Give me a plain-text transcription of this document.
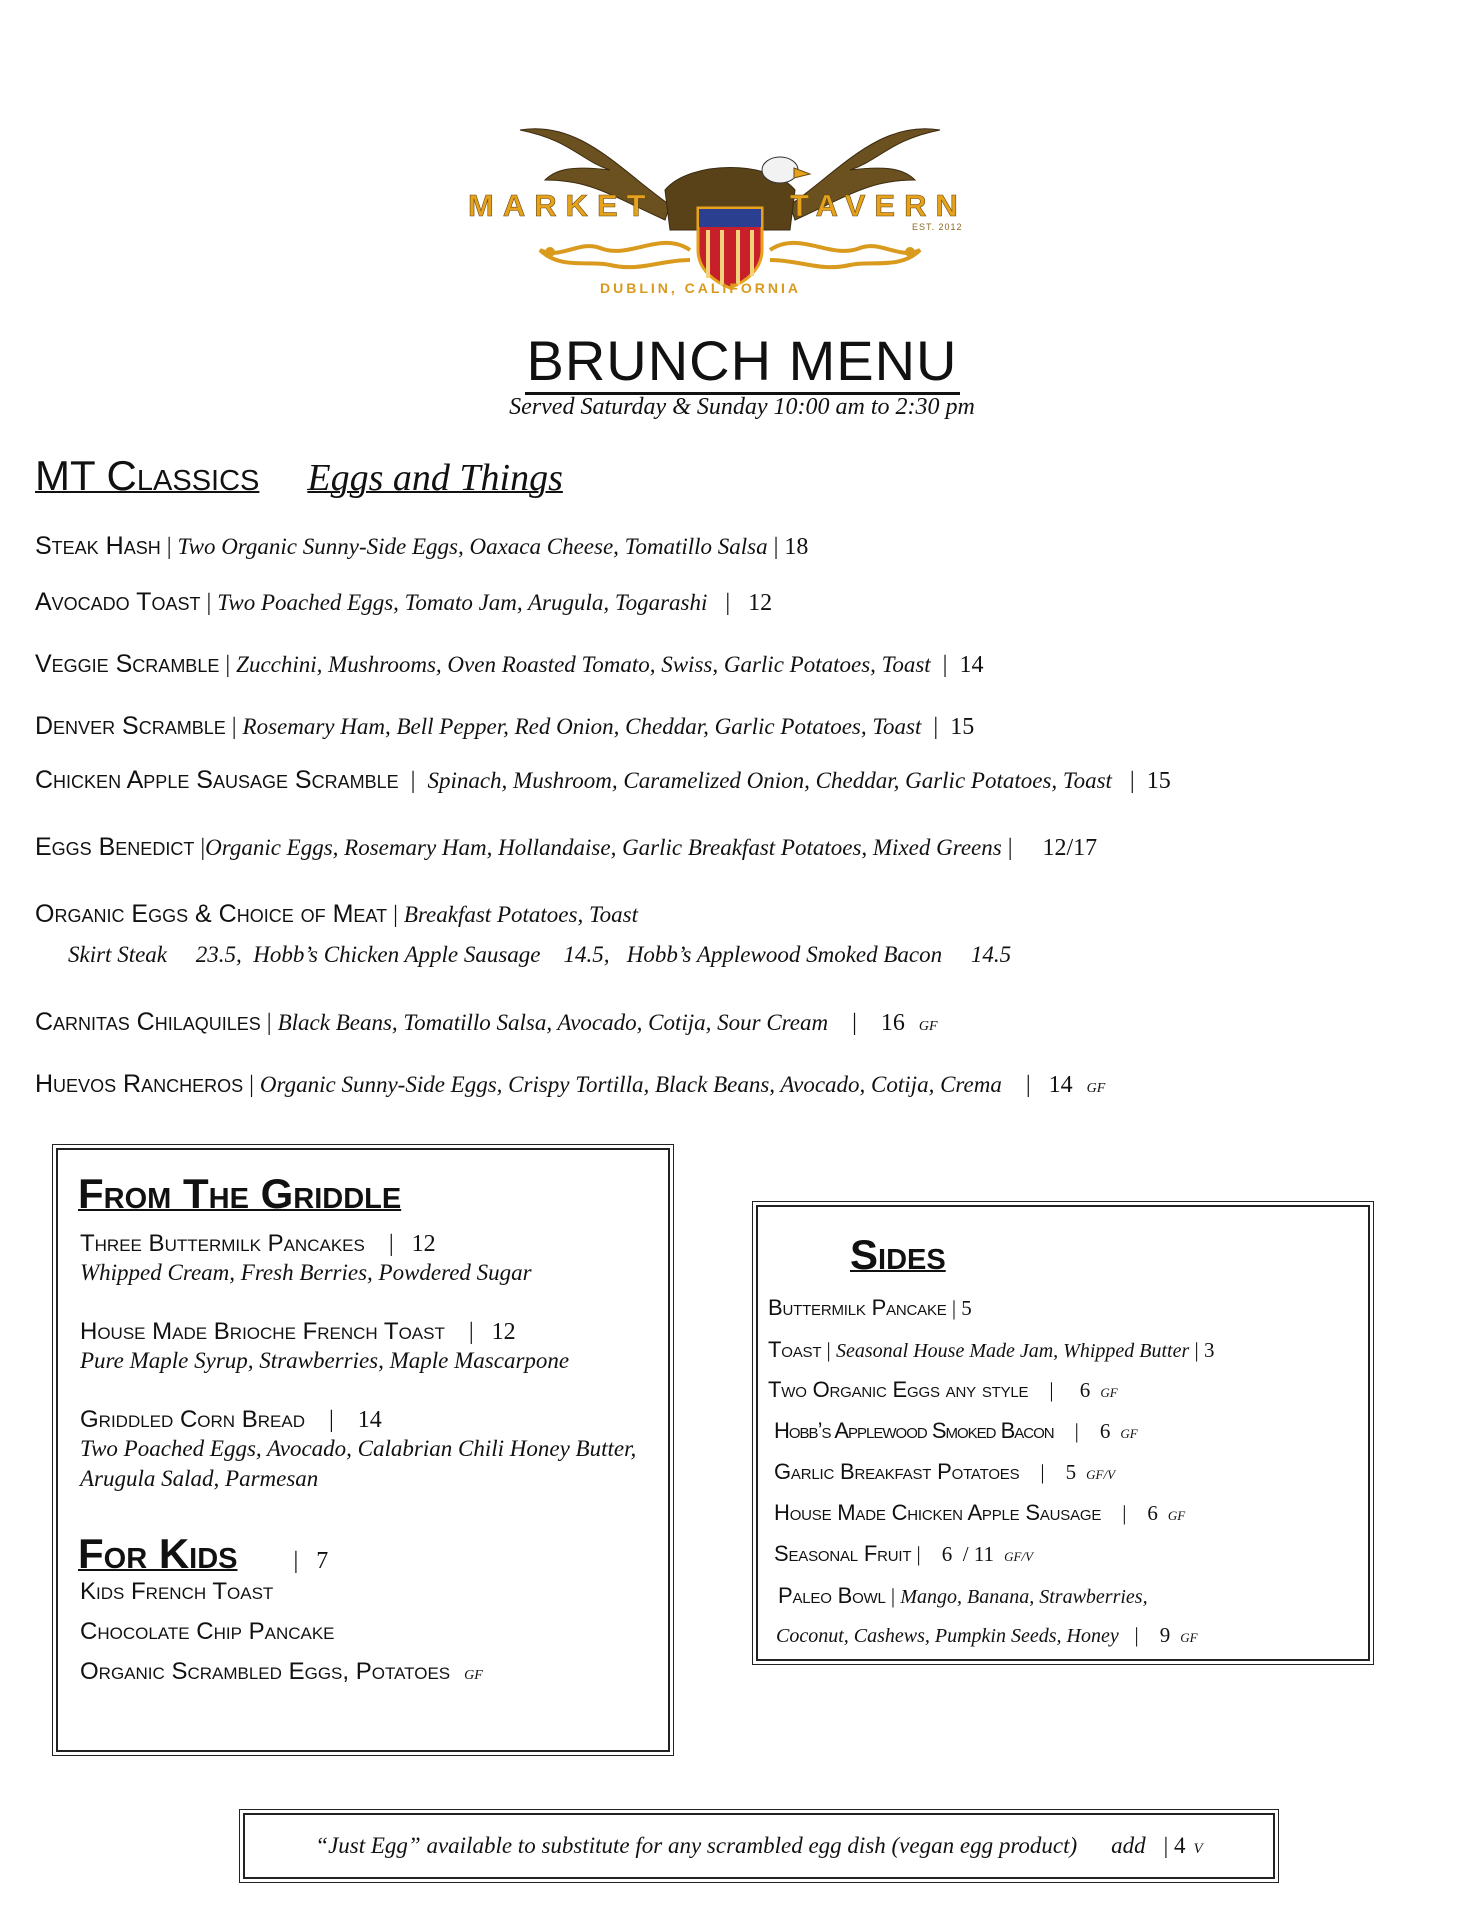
MARKET	TAVERN
EST. 2012
DUBLIN, CALIFORNIA
BRUNCH MENU
Served Saturday & Sunday 10:00 am to 2:30 pm
MT Classics Eggs and Things
Steak Hash | Two Organic Sunny-Side Eggs, Oaxaca Cheese, Tomatillo Salsa | 18
Avocado Toast | Two Poached Eggs, Tomato Jam, Arugula, Togarashi   |   12
Veggie Scramble | Zucchini, Mushrooms, Oven Roasted Tomato, Swiss, Garlic Potatoes, Toast  |  14
Denver Scramble | Rosemary Ham, Bell Pepper, Red Onion, Cheddar, Garlic Potatoes, Toast  |  15
Chicken Apple Sausage Scramble  |  Spinach, Mushroom, Caramelized Onion, Cheddar, Garlic Potatoes, Toast   |  15
Eggs Benedict |Organic Eggs, Rosemary Ham, Hollandaise, Garlic Breakfast Potatoes, Mixed Greens |     12/17
Organic Eggs & Choice of Meat | Breakfast Potatoes, Toast
Skirt Steak     23.5,  Hobb’s Chicken Apple Sausage    14.5,   Hobb’s Applewood Smoked Bacon     14.5
Carnitas Chilaquiles | Black Beans, Tomatillo Salsa, Avocado, Cotija, Sour Cream    |    16 GF
Huevos Rancheros | Organic Sunny-Side Eggs, Crispy Tortilla, Black Beans, Avocado, Cotija, Crema    |   14 GF
From The Griddle
Three Buttermilk Pancakes    |   12
Whipped Cream, Fresh Berries, Powdered Sugar
House Made Brioche French Toast    |   12
Pure Maple Syrup, Strawberries, Maple Mascarpone
Griddled Corn Bread    |    14
Two Poached Eggs, Avocado, Calabrian Chili Honey Butter,
Arugula Salad, Parmesan
For Kids |   7
Kids French Toast
Chocolate Chip Pancake
Organic Scrambled Eggs, Potatoes GF
Sides
Buttermilk Pancake | 5
Toast | Seasonal House Made Jam, Whipped Butter | 3
Two Organic Eggs any style    |     6 GF
Hobb’s Applewood Smoked Bacon    |    6 GF
Garlic Breakfast Potatoes    |    5 GF/V
House Made Chicken Apple Sausage    |    6 GF
Seasonal Fruit |    6  / 11 GF/V
Paleo Bowl | Mango, Banana, Strawberries,
Coconut, Cashews, Pumpkin Seeds, Honey   |    9 GF
“Just Egg” available to substitute for any scrambled egg dish (vegan egg product) add | 4 V
